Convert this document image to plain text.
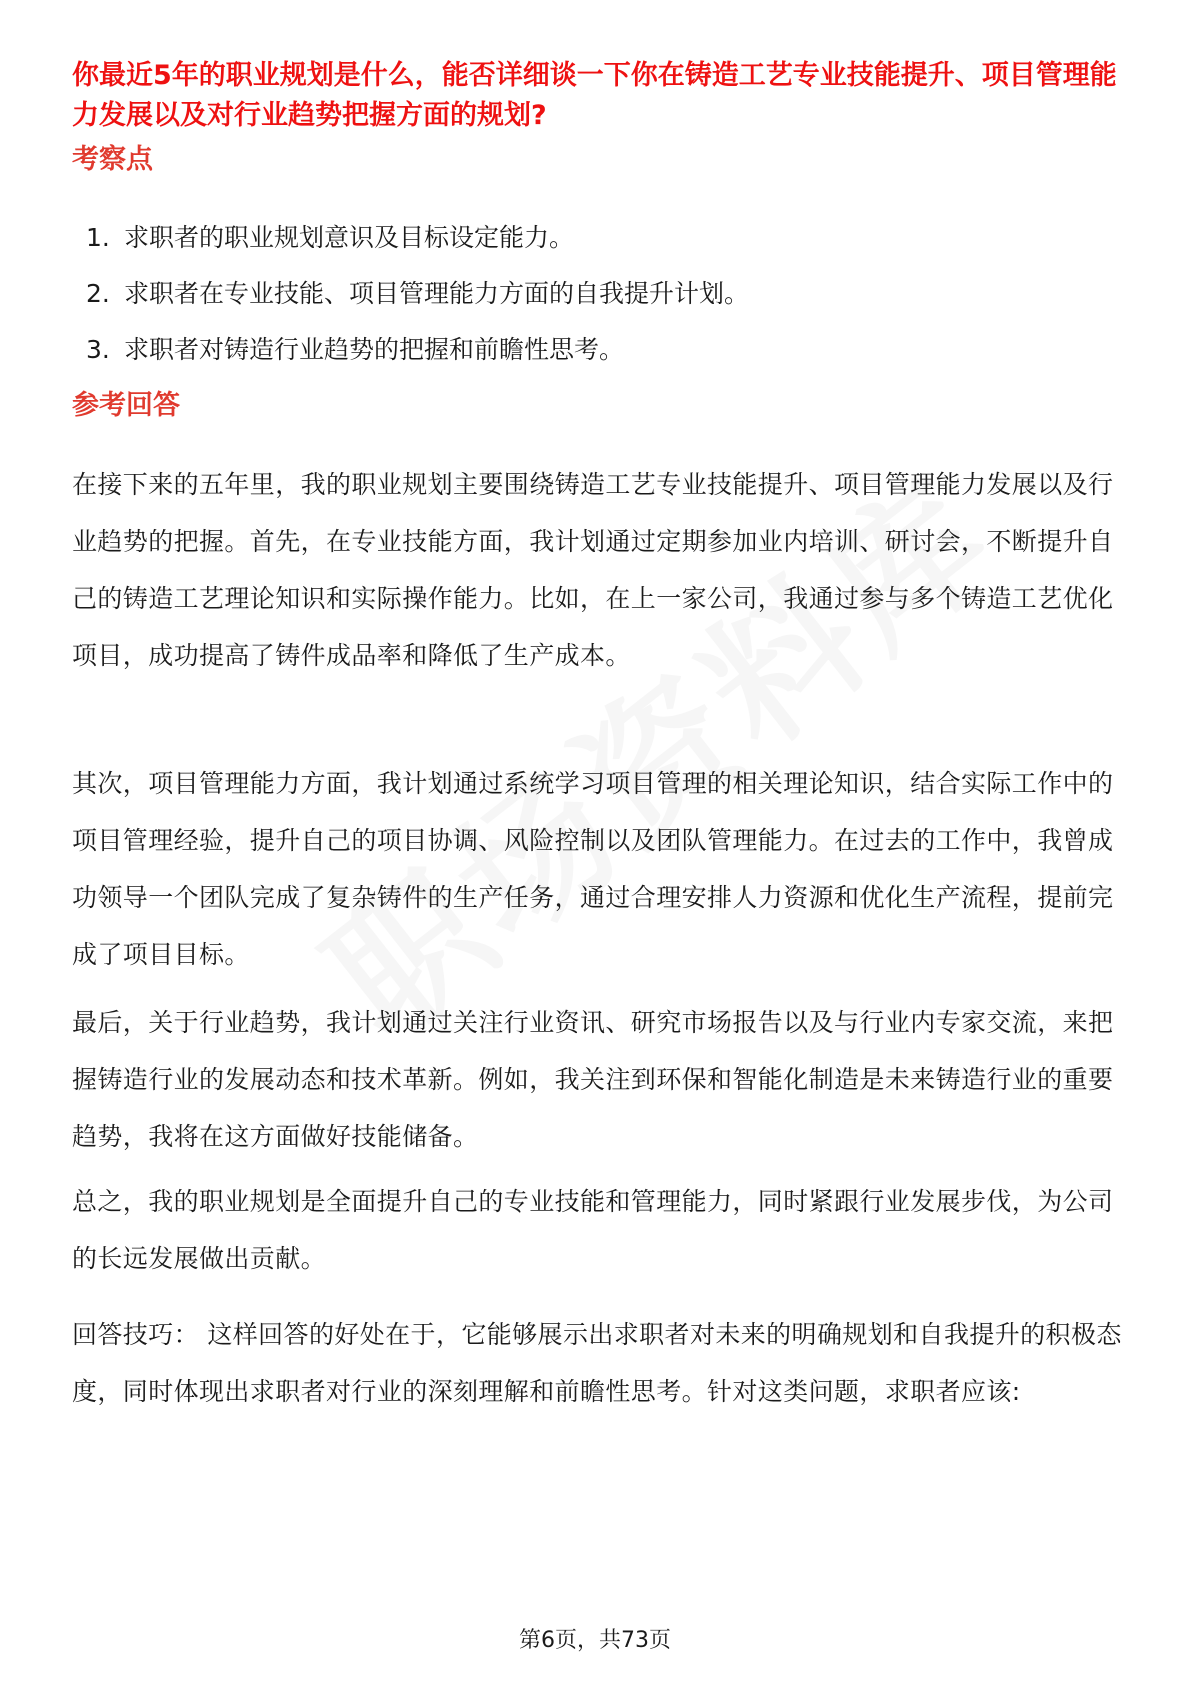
你最近5年的职业规划是什么，能否详细谈一下你在铸造工艺专业技能提升、项目管理能力发展以及对行业趋势把握方面的规划?
考察点
1. 求职者的职业规划意识及目标设定能力。
2. 求职者在专业技能、项目管理能力方面的自我提升计划。
3. 求职者对铸造行业趋势的把握和前瞻性思考。
参考回答

在接下来的五年里，我的职业规划主要围绕铸造工艺专业技能提升、项目管理能力发展以及行业趋势的把握。首先，在专业技能方面，我计划通过定期参加业内培训、研讨会，不断提升自己的铸造工艺理论知识和实际操作能力。比如，在上一家公司，我通过参与多个铸造工艺优化项目，成功提高了铸件成品率和降低了生产成本。

其次，项目管理能力方面，我计划通过系统学习项目管理的相关理论知识，结合实际工作中的项目管理经验，提升自己的项目协调、风险控制以及团队管理能力。在过去的工作中，我曾成功领导一个团队完成了复杂铸件的生产任务，通过合理安排人力资源和优化生产流程，提前完成了项目目标。

最后，关于行业趋势，我计划通过关注行业资讯、研究市场报告以及与行业内专家交流，来把握铸造行业的发展动态和技术革新。例如，我关注到环保和智能化制造是未来铸造行业的重要趋势，我将在这方面做好技能储备。

总之，我的职业规划是全面提升自己的专业技能和管理能力，同时紧跟行业发展步伐，为公司的长远发展做出贡献。

回答技巧： 这样回答的好处在于，它能够展示出求职者对未来的明确规划和自我提升的积极态度，同时体现出求职者对行业的深刻理解和前瞻性思考。针对这类问题，求职者应该:

第6页，共73页
